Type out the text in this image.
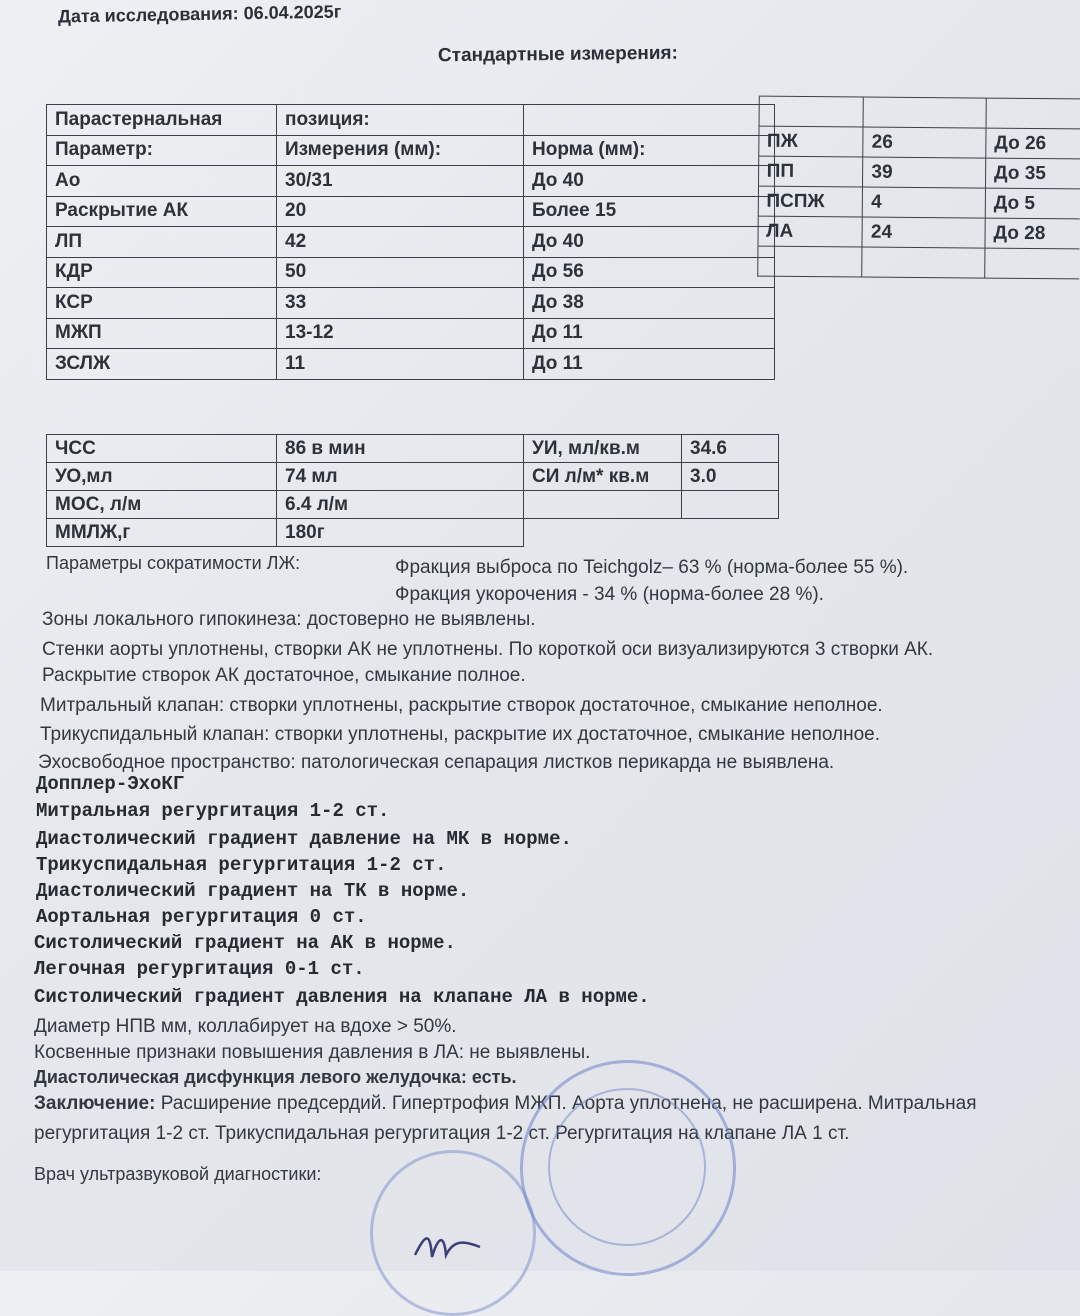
Дата исследования: 06.04.2025г
Стандартные измерения:
Парастернальная	позиция:	
Параметр:	Измерения (мм):	Норма (мм):
Ао	30/31	До 40
Раскрытие АК	20	Более 15
ЛП	42	До 40
КДР	50	До 56
КСР	33	До 38
МЖП	13-12	До 11
ЗСЛЖ	11	До 11

	ПЖ	26	До 26
	ПП	39	До 35
	ПСПЖ	4	До 5
	ЛА	24	До 28

ЧСС	86 в мин	УИ, мл/кв.м	34.6
УО,мл	74 мл	СИ л/м* кв.м	3.0
МОС, л/м	6.4 л/м		
ММЛЖ,г	180г		
Параметры сократимости ЛЖ:	Фракция выброса по Teichgolz– 63 % (норма-более 55 %).
Фракция укорочения - 34 % (норма-более 28 %).
Зоны локального гипокинеза: достоверно не выявлены.
Стенки аорты уплотнены, створки АК не уплотнены. По короткой оси визуализируются 3 створки АК.
Раскрытие створок АК достаточное, смыкание полное.
Митральный клапан: створки уплотнены, раскрытие створок достаточное, смыкание неполное.
Трикуспидальный клапан: створки уплотнены, раскрытие их достаточное, смыкание неполное.
Эхосвободное пространство: патологическая сепарация листков перикарда не выявлена.
Допплер-ЭхоКГ
Митральная регургитация 1-2 ст.
Диастолический градиент давление на МК в норме.
Трикуспидальная регургитация 1-2 ст.
Диастолический градиент на ТК в норме.
Аортальная регургитация 0 ст.
Систолический градиент на АК в норме.
Легочная регургитация 0-1 ст.
Систолический градиент давления на клапане ЛА в норме.
Диаметр НПВ мм, коллабирует на вдохе > 50%.
Косвенные признаки повышения давления в ЛА: не выявлены.
Диастолическая дисфункция левого желудочка: есть.
Заключение: Расширение предсердий. Гипертрофия МЖП. Аорта уплотнена, не расширена. Митральная
регургитация 1-2 ст. Трикуспидальная регургитация 1-2 ст. Регургитация на клапане ЛА 1 ст.
Врач ультразвуковой диагностики:
